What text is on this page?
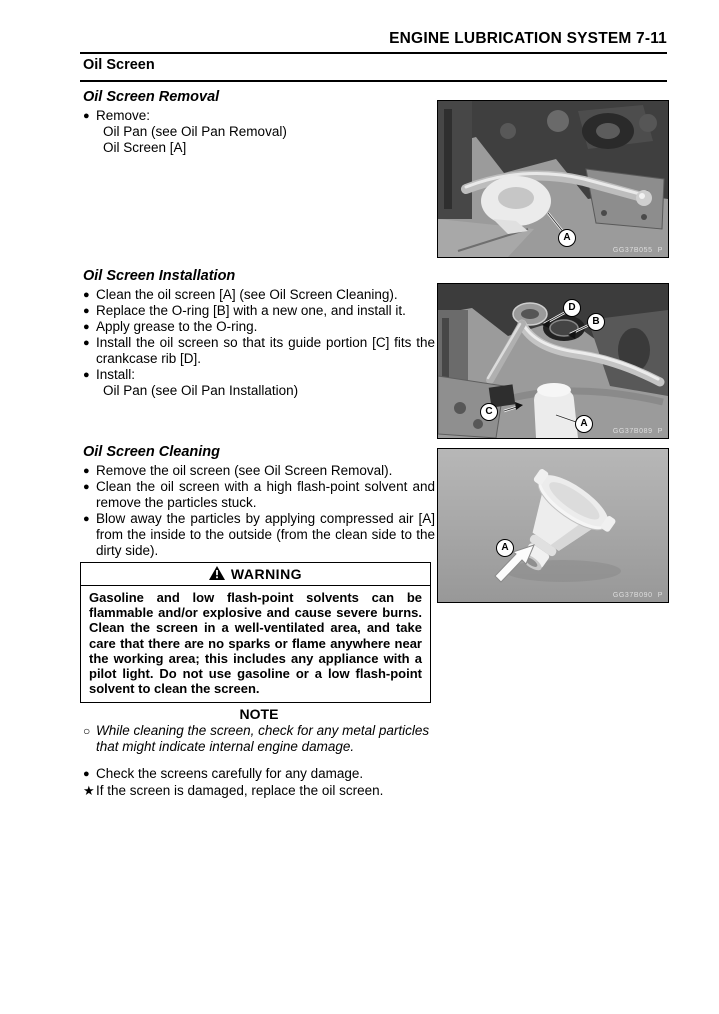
ENGINE LUBRICATION SYSTEM 7-11
Oil Screen
Oil Screen Removal
● Remove:
Oil Pan (see Oil Pan Removal)
Oil Screen [A]
Oil Screen Installation
● Clean the oil screen [A] (see Oil Screen Cleaning).
● Replace the O-ring [B] with a new one, and install it.
● Apply grease to the O-ring.
● Install the oil screen so that its guide portion [C] fits the crankcase rib [D].
● Install:
Oil Pan (see Oil Pan Installation)
Oil Screen Cleaning
● Remove the oil screen (see Oil Screen Removal).
● Clean the oil screen with a high flash-point solvent and remove the particles stuck.
● Blow away the particles by applying compressed air [A] from the inside to the outside (from the clean side to the dirty side).
WARNING
Gasoline and low flash-point solvents can be flammable and/or explosive and cause severe burns. Clean the screen in a well-ventilated area, and take care that there are no sparks or flame anywhere near the working area; this includes any appliance with a pilot light. Do not use gasoline or a low flash-point solvent to clean the screen.
NOTE
○ While cleaning the screen, check for any metal particles that might indicate internal engine damage.
● Check the screens carefully for any damage.
★ If the screen is damaged, replace the oil screen.
A
GG37B055  P
D
B
C
A
GG37B089  P
A
GG37B090  P
